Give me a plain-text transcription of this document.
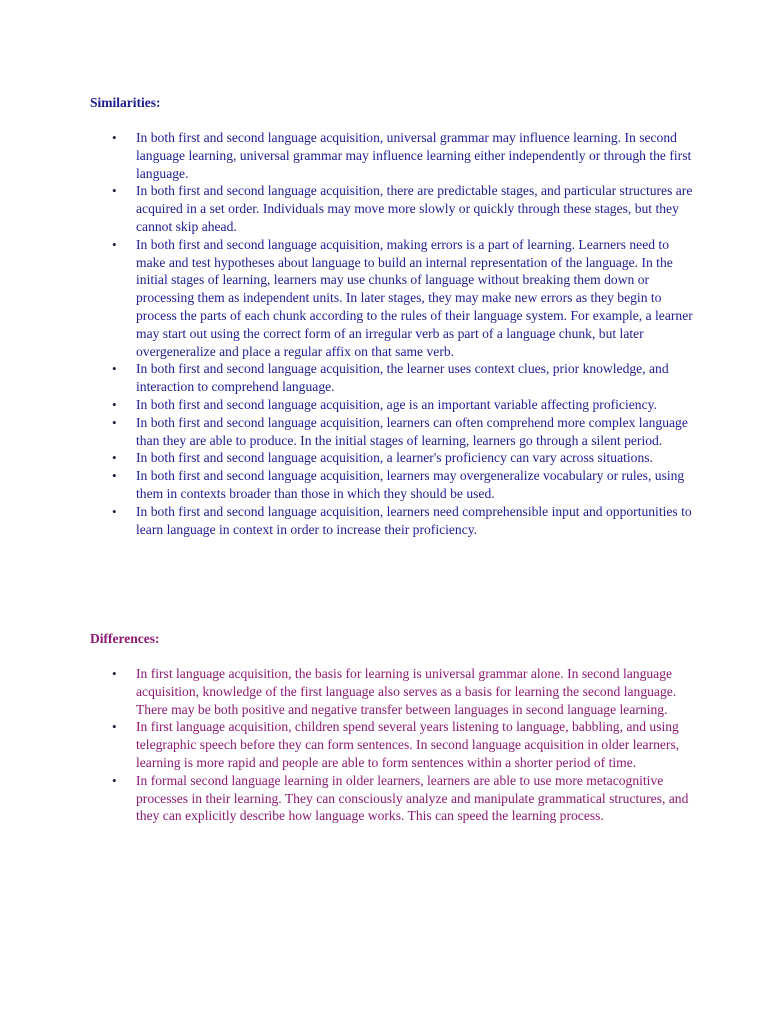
Similarities:
• In both first and second language acquisition, universal grammar may influence learning. In second language learning, universal grammar may influence learning either independently or through the first language.
• In both first and second language acquisition, there are predictable stages, and particular structures are acquired in a set order. Individuals may move more slowly or quickly through these stages, but they cannot skip ahead.
• In both first and second language acquisition, making errors is a part of learning. Learners need to make and test hypotheses about language to build an internal representation of the language. In the initial stages of learning, learners may use chunks of language without breaking them down or processing them as independent units. In later stages, they may make new errors as they begin to process the parts of each chunk according to the rules of their language system. For example, a learner may start out using the correct form of an irregular verb as part of a language chunk, but later overgeneralize and place a regular affix on that same verb.
• In both first and second language acquisition, the learner uses context clues, prior knowledge, and interaction to comprehend language.
• In both first and second language acquisition, age is an important variable affecting proficiency.
• In both first and second language acquisition, learners can often comprehend more complex language than they are able to produce. In the initial stages of learning, learners go through a silent period.
• In both first and second language acquisition, a learner's proficiency can vary across situations.
• In both first and second language acquisition, learners may overgeneralize vocabulary or rules, using them in contexts broader than those in which they should be used.
• In both first and second language acquisition, learners need comprehensible input and opportunities to learn language in context in order to increase their proficiency.
Differences:
• In first language acquisition, the basis for learning is universal grammar alone. In second language acquisition, knowledge of the first language also serves as a basis for learning the second language. There may be both positive and negative transfer between languages in second language learning.
• In first language acquisition, children spend several years listening to language, babbling, and using telegraphic speech before they can form sentences. In second language acquisition in older learners, learning is more rapid and people are able to form sentences within a shorter period of time.
• In formal second language learning in older learners, learners are able to use more metacognitive processes in their learning. They can consciously analyze and manipulate grammatical structures, and they can explicitly describe how language works. This can speed the learning process.
